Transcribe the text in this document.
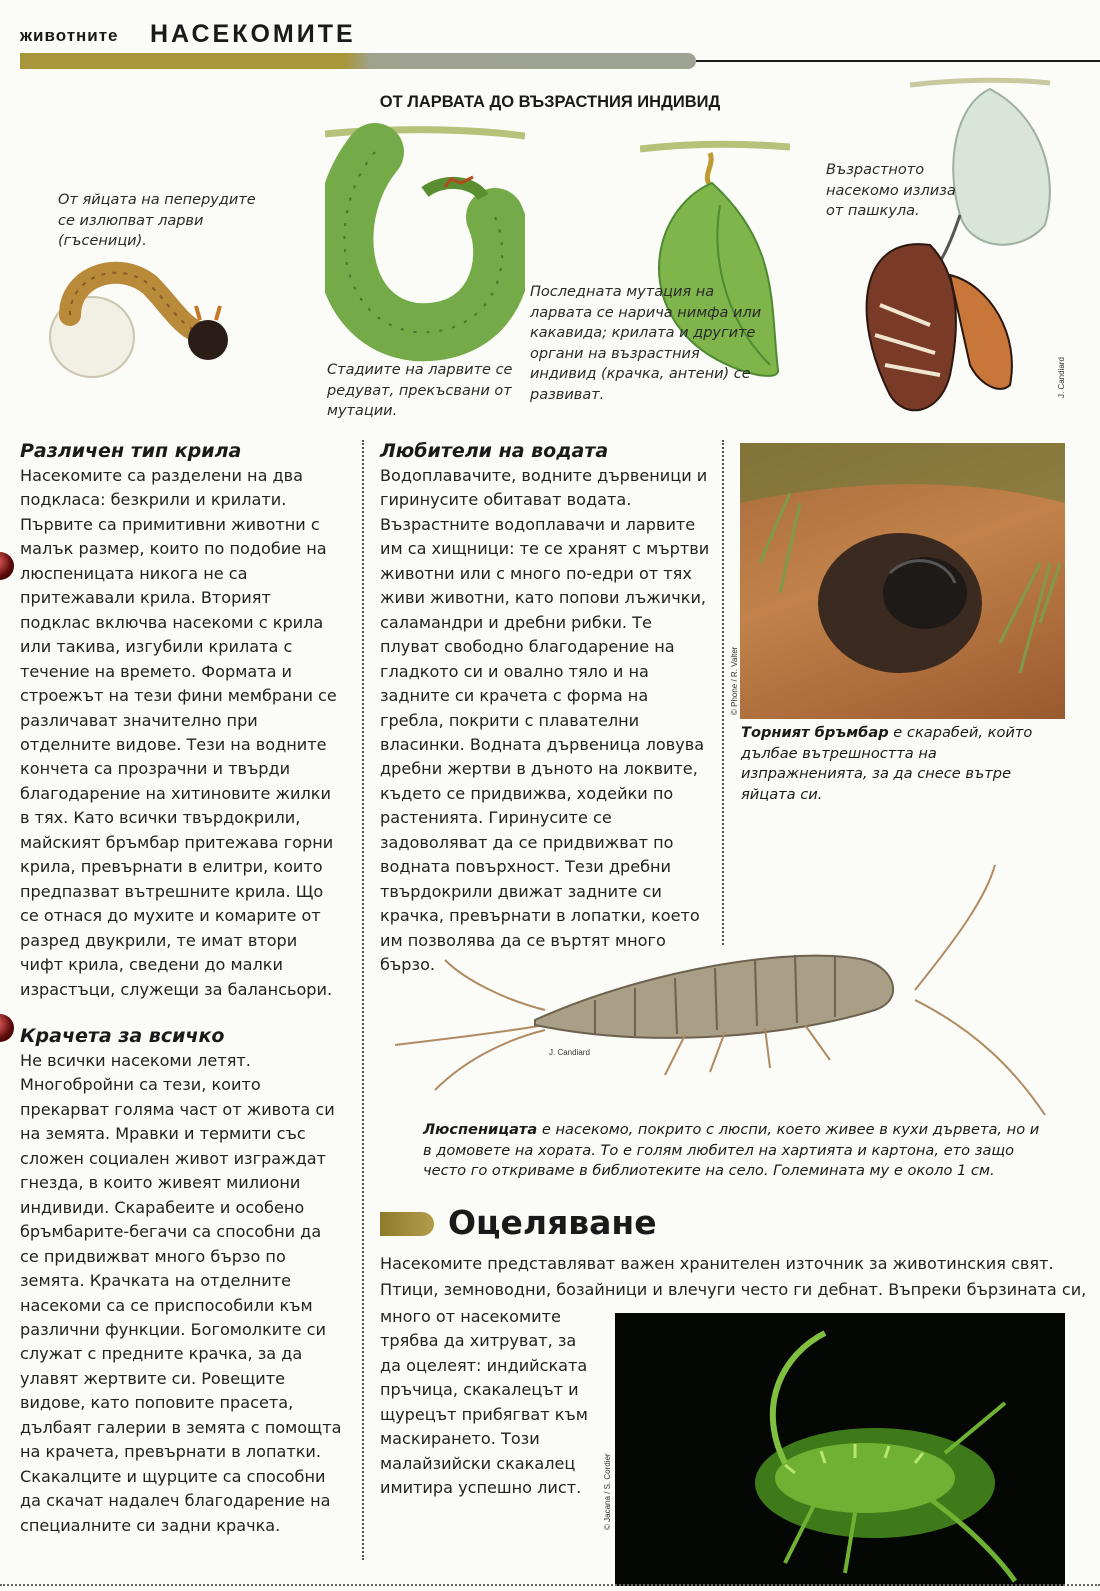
животните НАСЕКОМИТЕ
ОТ ЛАРВАТА ДО ВЪЗРАСТНИЯ ИНДИВИД
От яйцата на пеперудите се излюпват ларви (гъсеници).
Стадиите на ларвите се редуват, прекъсвани от мутации.
Последната мутация на ларвата се нарича нимфа или какавида; крилата и другите органи на възрастния индивид (крачка, антени) се развиват.
Възрастното насекомо излиза от пашкула.
J. Candiard
Различен тип крила
Насекомите са разделени на два подкласа: безкрили и крилати. Първите са примитивни животни с малък размер, които по подобие на люспеницата никога не са притежавали крила. Вторият подклас включва насекоми с крила или такива, изгубили крилата с течение на времето. Формата и строежът на тези фини мембрани се различават значително при отделните видове. Тези на водните кончета са прозрачни и твърди благодарение на хитиновите жилки в тях. Като всички твърдокрили, майският бръмбар притежава горни крила, превърнати в елитри, които предпазват вътрешните крила. Що се отнася до мухите и комарите от разред двукрили, те имат втори чифт крила, сведени до малки израстъци, служещи за балансьори.
Крачета за всичко
Не всички насекоми летят. Многобройни са тези, които прекарват голяма част от живота си на земята. Мравки и термити със сложен социален живот изграждат гнезда, в които живеят милиони индивиди. Скарабеите и особено бръмбарите-бегачи са способни да се придвижват много бързо по земята. Крачката на отделните насекоми са се приспособили към различни функции. Богомолките си служат с предните крачка, за да улавят жертвите си. Ровещите видове, като поповите прасета, дълбаят галерии в земята с помощта на крачета, превърнати в лопатки. Скакалците и щурците са способни да скачат надалеч благодарение на специалните си задни крачка.
Любители на водата
Водоплавачите, водните дървеници и гиринусите обитават водата. Възрастните водоплавачи и ларвите им са хищници: те се хранят с мъртви животни или с много по-едри от тях живи животни, като попови лъжички, саламандри и дребни рибки. Те плуват свободно благодарение на гладкото си и овално тяло и на задните си крачета с форма на гребла, покрити с плавателни власинки. Водната дървеница ловува дребни жертви в дъното на локвите, където се придвижва, ходейки по растенията. Гиринусите се задоволяват да се придвижват по водната повърхност. Тези дребни твърдокрили движат задните си крачка, превърнати в лопатки, което им позволява да се въртят много бързо.
© Phone / R. Valter
Торният бръмбар е скарабей, който дълбае вътрешността на изпражненията, за да снесе вътре яйцата си.
J. Candiard
Люспеницата е насекомо, покрито с люспи, което живее в кухи дървета, но и в домовете на хората. То е голям любител на хартията и картона, ето защо често го откриваме в библиотеките на село. Големината му е около 1 см.
Оцеляване
Насекомите представляват важен хранителен източник за животинския свят.
Птици, земноводни, бозайници и влечуги често ги дебнат. Въпреки бързината си,
много от насекомите трябва да хитруват, за да оцелеят: индийската пръчица, скакалецът и щурецът прибягват към маскирането. Този малайзийски скакалец имитира успешно лист.	© Jacana / S. Cordier
